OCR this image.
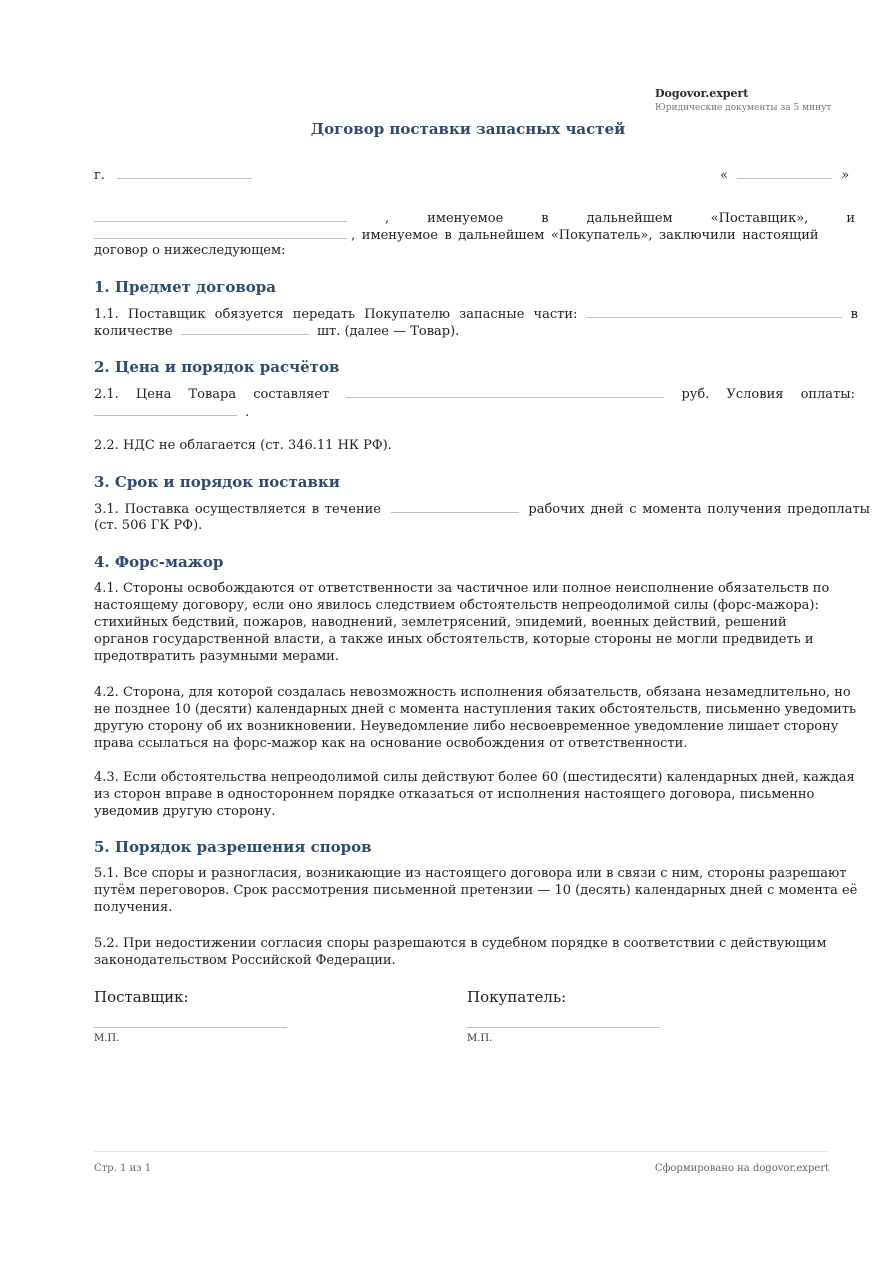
Dogovor.expert
Юридические документы за 5 минут
Договор поставки запасных частей
г.	«	»
,	именуемое	в	дальнейшем	«Поставщик»,	и
, именуемое в дальнейшем «Покупатель», заключили настоящий
договор о нижеследующем:
1. Предмет договора
1.1. Поставщик обязуется передать Покупателю запасные части:	в
количестве	шт. (далее — Товар).
2. Цена и порядок расчётов
2.1. Цена Товара составляет	руб. Условия оплаты:
.
2.2. НДС не облагается (ст. 346.11 НК РФ).
3. Срок и порядок поставки
3.1. Поставка осуществляется в течение	рабочих дней с момента получения предоплаты
(ст. 506 ГК РФ).
4. Форс-мажор
4.1. Стороны освобождаются от ответственности за частичное или полное неисполнение обязательств по
настоящему договору, если оно явилось следствием обстоятельств непреодолимой силы (форс-мажора):
стихийных бедствий, пожаров, наводнений, землетрясений, эпидемий, военных действий, решений
органов государственной власти, а также иных обстоятельств, которые стороны не могли предвидеть и
предотвратить разумными мерами.
4.2. Сторона, для которой создалась невозможность исполнения обязательств, обязана незамедлительно, но
не позднее 10 (десяти) календарных дней с момента наступления таких обстоятельств, письменно уведомить
другую сторону об их возникновении. Неуведомление либо несвоевременное уведомление лишает сторону
права ссылаться на форс-мажор как на основание освобождения от ответственности.
4.3. Если обстоятельства непреодолимой силы действуют более 60 (шестидесяти) календарных дней, каждая
из сторон вправе в одностороннем порядке отказаться от исполнения настоящего договора, письменно
уведомив другую сторону.
5. Порядок разрешения споров
5.1. Все споры и разногласия, возникающие из настоящего договора или в связи с ним, стороны разрешают
путём переговоров. Срок рассмотрения письменной претензии — 10 (десять) календарных дней с момента её
получения.
5.2. При недостижении согласия споры разрешаются в судебном порядке в соответствии с действующим
законодательством Российской Федерации.
Поставщик:	Покупатель:
М.П.	М.П.
Стр. 1 из 1	Сформировано на dogovor.expert
